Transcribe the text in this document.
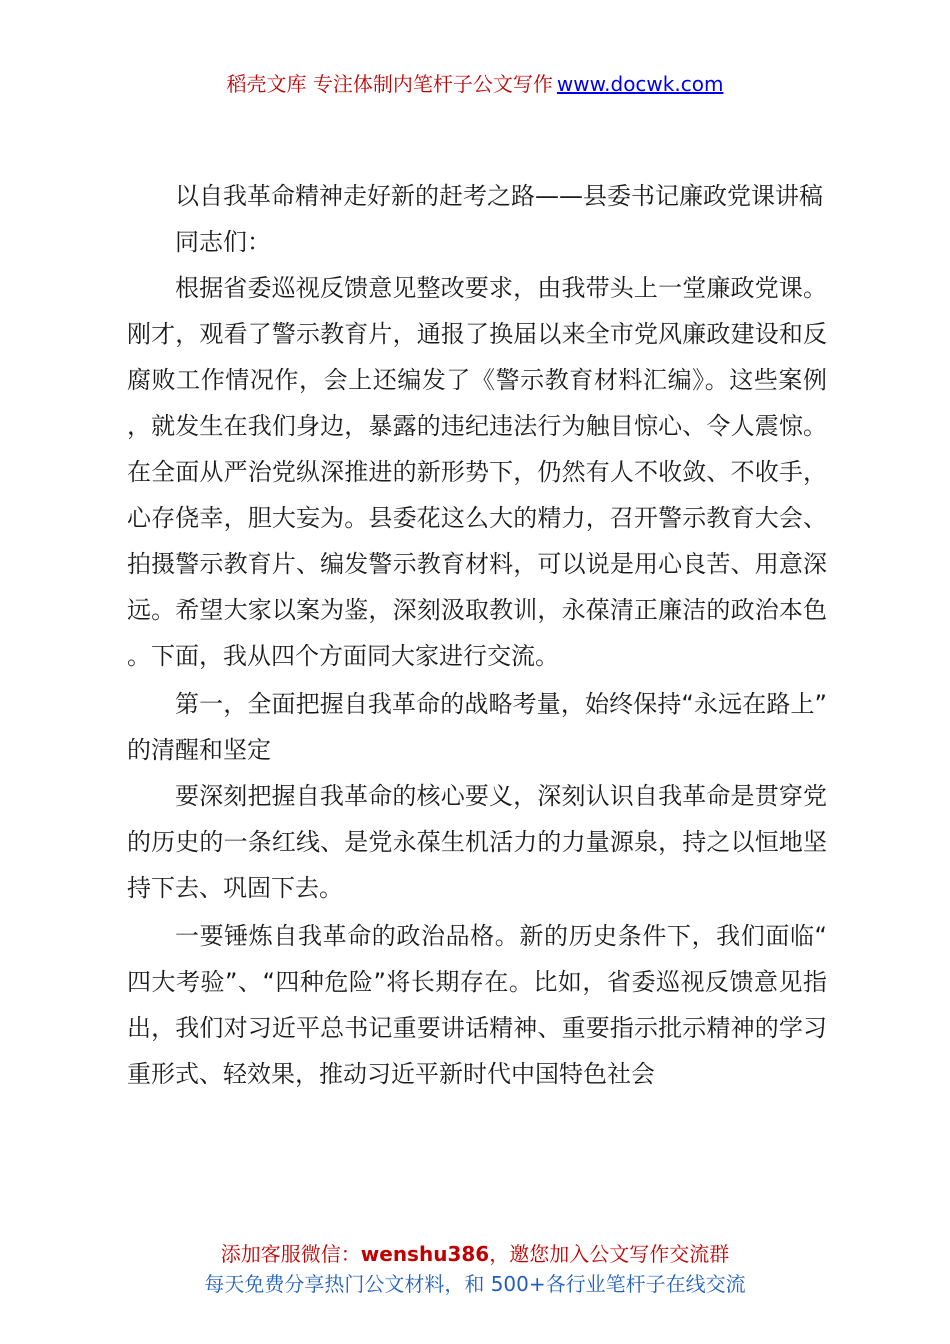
稻壳文库 专注体制内笔杆子公文写作 www.docwk.com

以自我革命精神走好新的赶考之路——县委书记廉政党课讲稿

同志们：

根据省委巡视反馈意见整改要求，由我带头上一堂廉政党课。刚才，观看了警示教育片，通报了换届以来全市党风廉政建设和反腐败工作情况作，会上还编发了《警示教育材料汇编》。这些案例，就发生在我们身边，暴露的违纪违法行为触目惊心、令人震惊。在全面从严治党纵深推进的新形势下，仍然有人不收敛、不收手，心存侥幸，胆大妄为。县委花这么大的精力，召开警示教育大会、拍摄警示教育片、编发警示教育材料，可以说是用心良苦、用意深远。希望大家以案为鉴，深刻汲取教训，永葆清正廉洁的政治本色。下面，我从四个方面同大家进行交流。

第一，全面把握自我革命的战略考量，始终保持“永远在路上”的清醒和坚定

要深刻把握自我革命的核心要义，深刻认识自我革命是贯穿党的历史的一条红线、是党永葆生机活力的力量源泉，持之以恒地坚持下去、巩固下去。

一要锤炼自我革命的政治品格。新的历史条件下，我们面临“四大考验”、“四种危险”将长期存在。比如，省委巡视反馈意见指出，我们对习近平总书记重要讲话精神、重要指示批示精神的学习重形式、轻效果，推动习近平新时代中国特色社会

添加客服微信：wenshu386，邀您加入公文写作交流群
每天免费分享热门公文材料，和 500+各行业笔杆子在线交流
